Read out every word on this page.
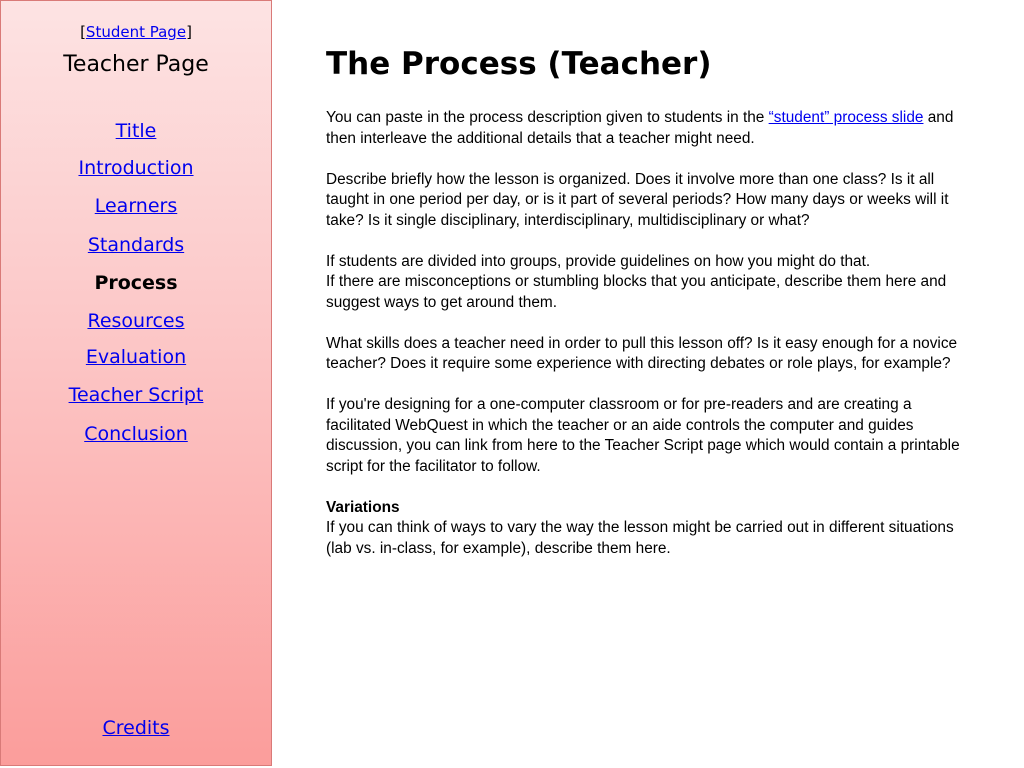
[Student Page]
Teacher Page
Title
Introduction
Learners
Standards
Process
Resources
Evaluation
Teacher Script
Conclusion
Credits
The Process (Teacher)

You can paste in the process description given to students in the “student” process slide and then interleave the additional details that a teacher might need.

Describe briefly how the lesson is organized. Does it involve more than one class? Is it all taught in one period per day, or is it part of several periods? How many days or weeks will it take? Is it single disciplinary, interdisciplinary, multidisciplinary or what?

If students are divided into groups, provide guidelines on how you might do that.
If there are misconceptions or stumbling blocks that you anticipate, describe them here and suggest ways to get around them.

What skills does a teacher need in order to pull this lesson off? Is it easy enough for a novice teacher? Does it require some experience with directing debates or role plays, for example?

If you're designing for a one-computer classroom or for pre-readers and are creating a facilitated WebQuest in which the teacher or an aide controls the computer and guides discussion, you can link from here to the Teacher Script page which would contain a printable script for the facilitator to follow.

Variations
If you can think of ways to vary the way the lesson might be carried out in different situations (lab vs. in-class, for example), describe them here.
